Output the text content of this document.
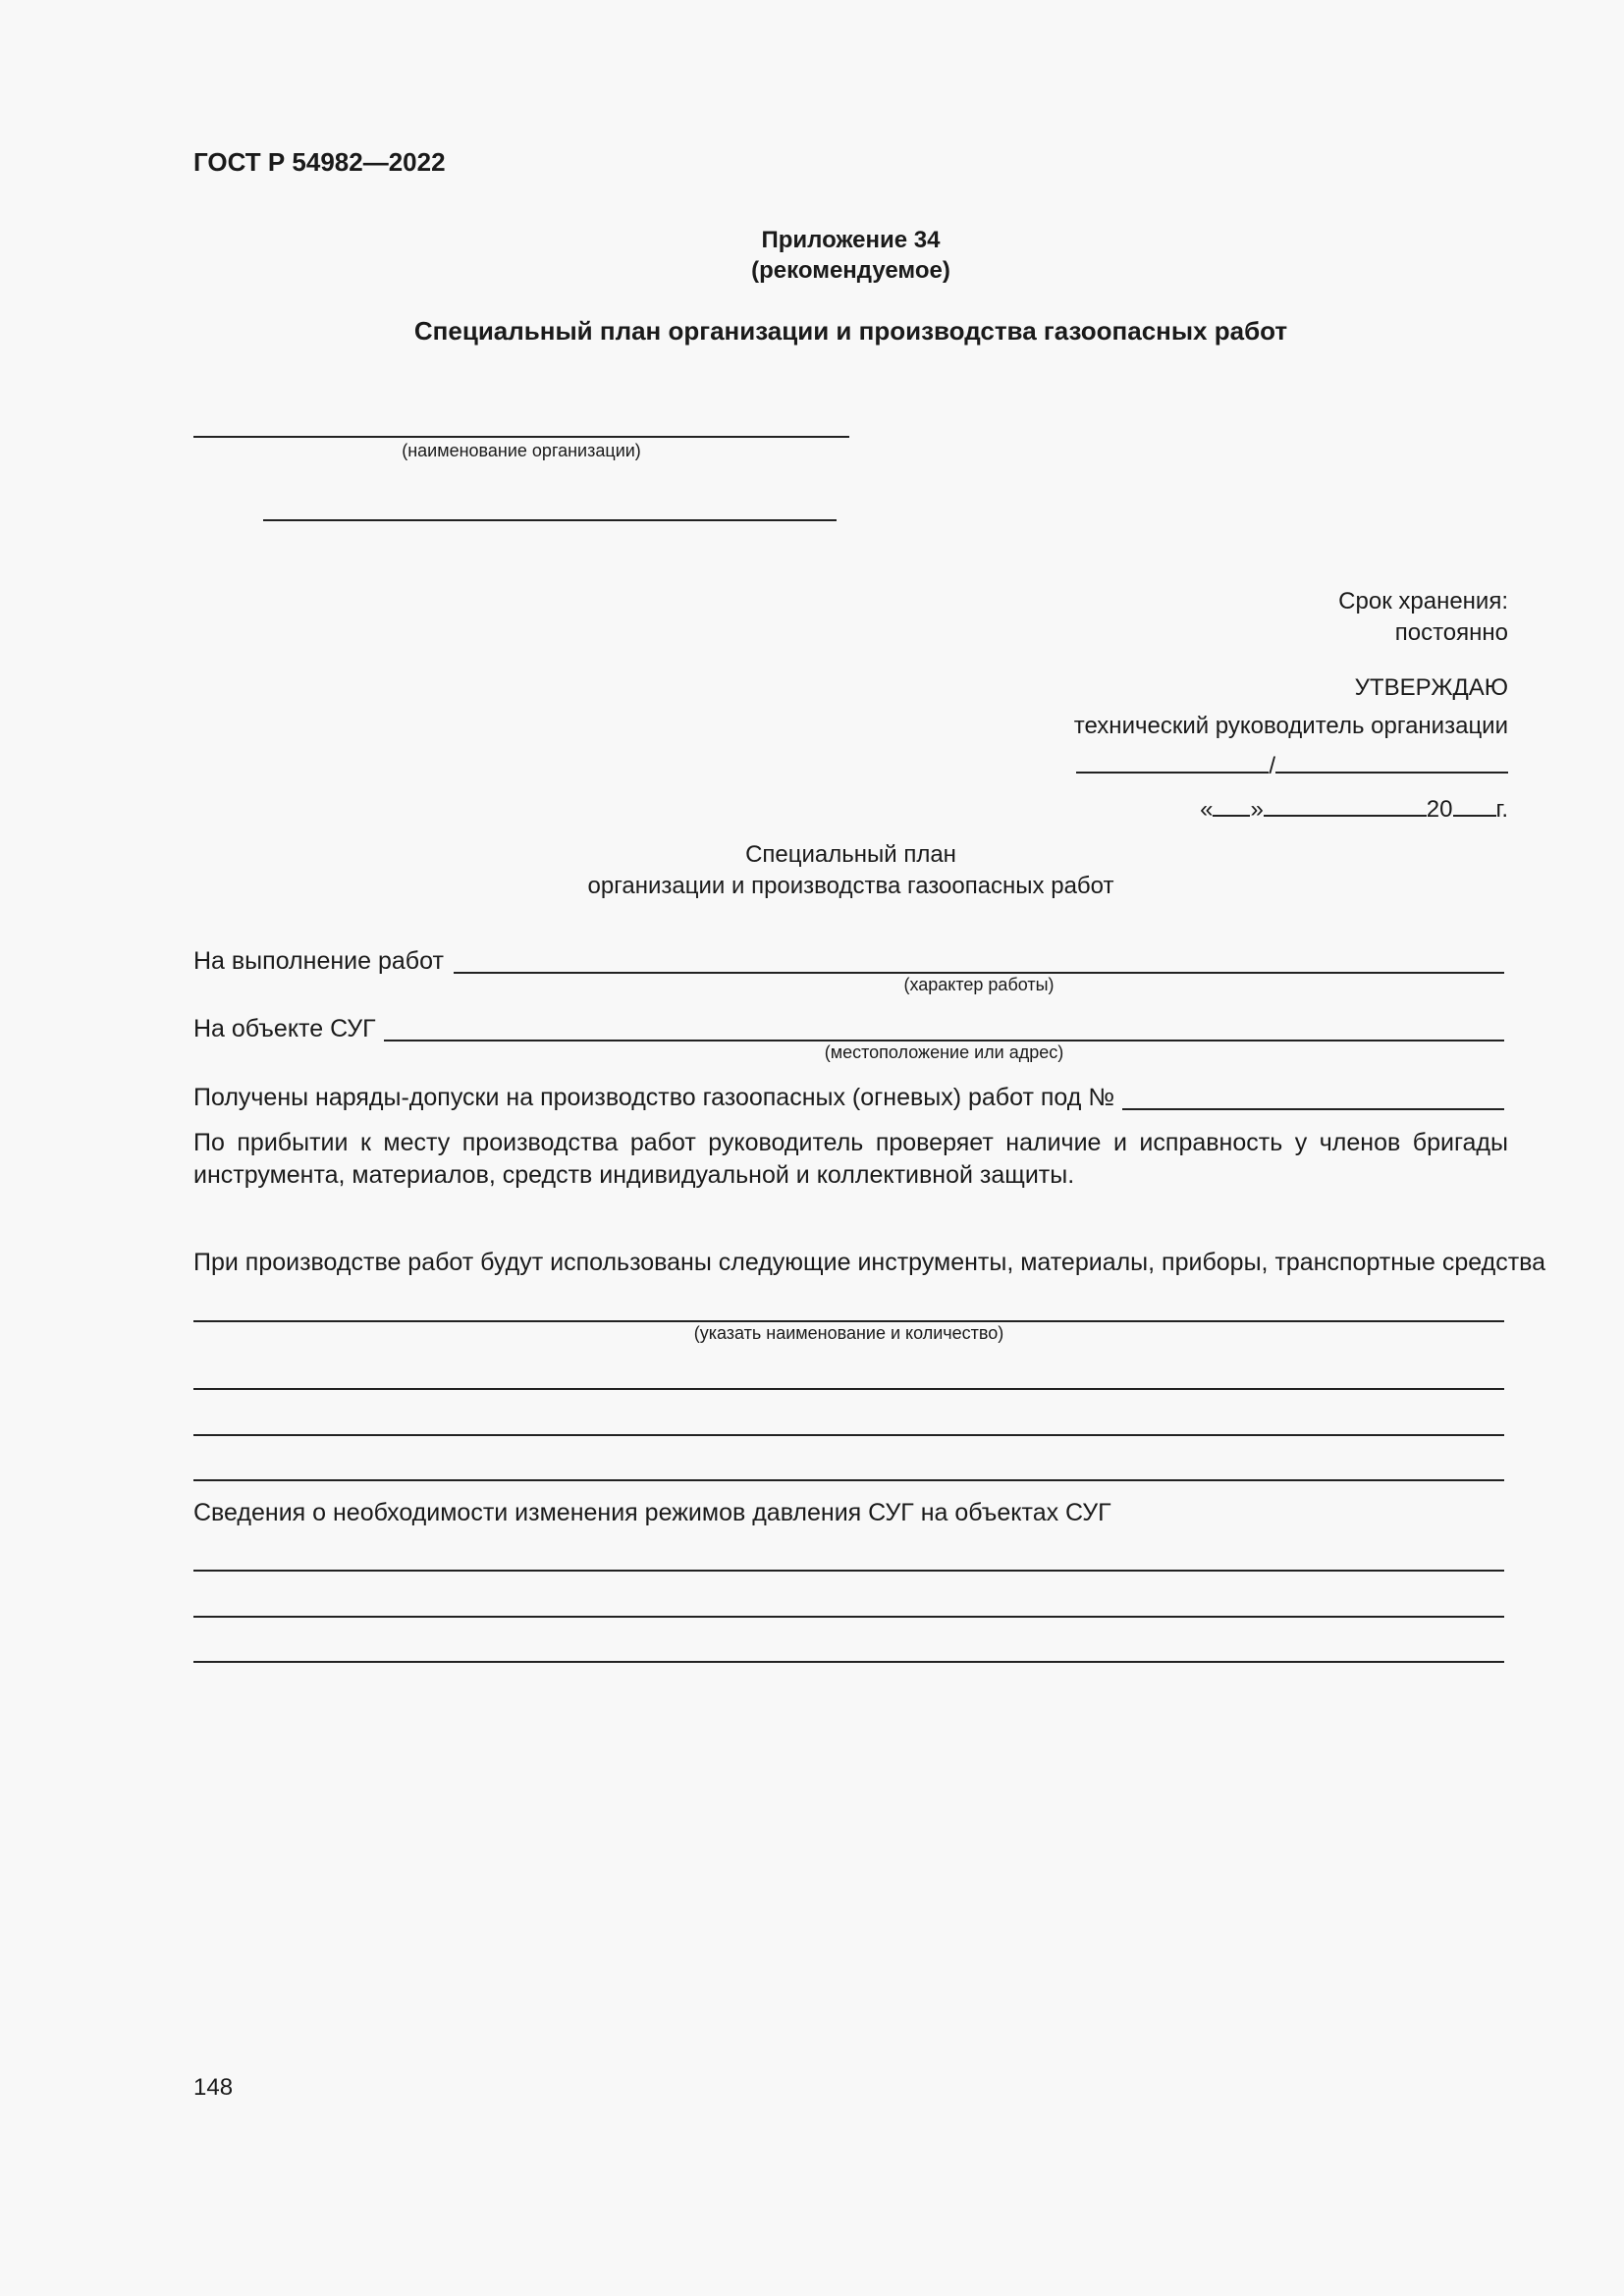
ГОСТ Р 54982—2022
Приложение 34
(рекомендуемое)
Специальный план организации и производства газоопасных работ
(наименование организации)
Срок хранения:
постоянно
УТВЕРЖДАЮ
технический руководитель организации
/
« »	20 г.
Специальный план
организации и производства газоопасных работ
На выполнение работ
(характер работы)
На объекте СУГ
(местоположение или адрес)
Получены наряды-допуски на производство газоопасных (огневых) работ под №
По прибытии к месту производства работ руководитель проверяет наличие и исправность у членов бригады инструмента, материалов, средств индивидуальной и коллективной защиты.
При производстве работ будут использованы следующие инструменты, материалы, приборы, транспортные средства
(указать наименование и количество)
Сведения о необходимости изменения режимов давления СУГ на объектах СУГ
148
